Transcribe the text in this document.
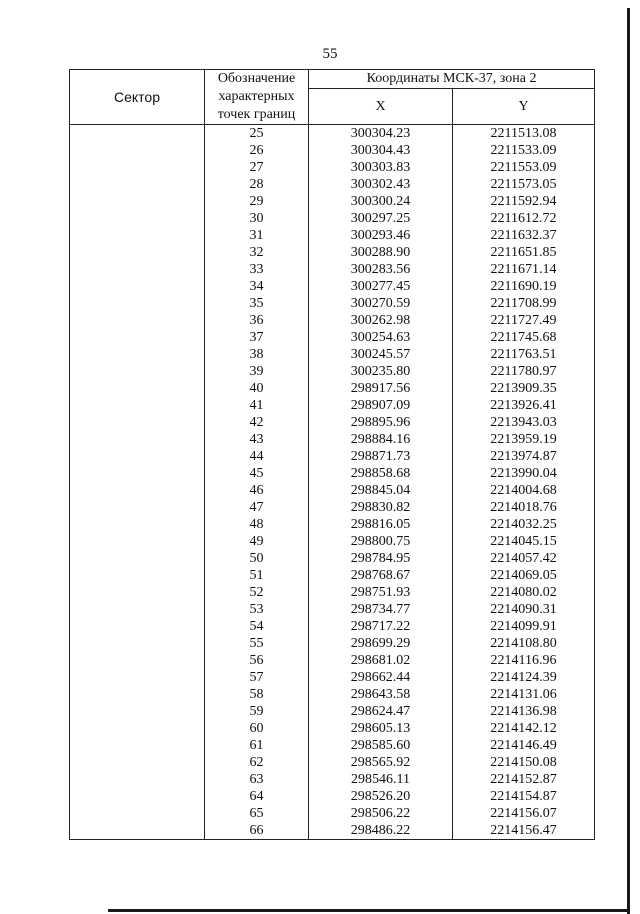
55
Сектор	Обозначение характерных точек границ	Координаты МСК-37, зона 2	
		X	Y
	25	300304.23	2211513.08
	26	300304.43	2211533.09
	27	300303.83	2211553.09
	28	300302.43	2211573.05
	29	300300.24	2211592.94
	30	300297.25	2211612.72
	31	300293.46	2211632.37
	32	300288.90	2211651.85
	33	300283.56	2211671.14
	34	300277.45	2211690.19
	35	300270.59	2211708.99
	36	300262.98	2211727.49
	37	300254.63	2211745.68
	38	300245.57	2211763.51
	39	300235.80	2211780.97
	40	298917.56	2213909.35
	41	298907.09	2213926.41
	42	298895.96	2213943.03
	43	298884.16	2213959.19
	44	298871.73	2213974.87
	45	298858.68	2213990.04
	46	298845.04	2214004.68
	47	298830.82	2214018.76
	48	298816.05	2214032.25
	49	298800.75	2214045.15
	50	298784.95	2214057.42
	51	298768.67	2214069.05
	52	298751.93	2214080.02
	53	298734.77	2214090.31
	54	298717.22	2214099.91
	55	298699.29	2214108.80
	56	298681.02	2214116.96
	57	298662.44	2214124.39
	58	298643.58	2214131.06
	59	298624.47	2214136.98
	60	298605.13	2214142.12
	61	298585.60	2214146.49
	62	298565.92	2214150.08
	63	298546.11	2214152.87
	64	298526.20	2214154.87
	65	298506.22	2214156.07
	66	298486.22	2214156.47
